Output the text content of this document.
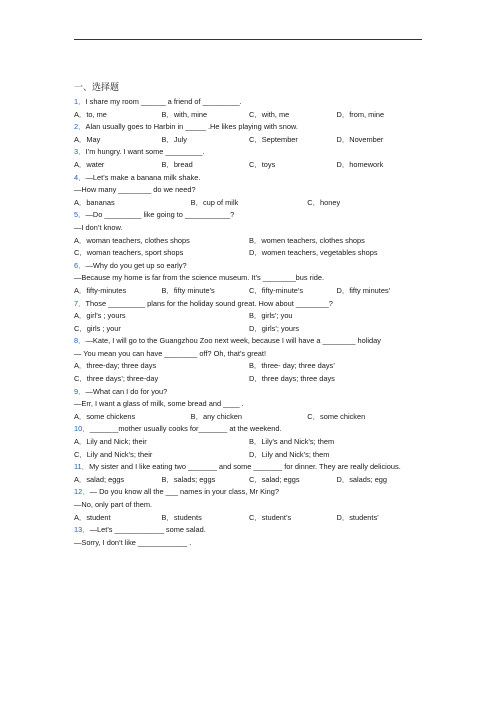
一、选择题
1．I share my room ______ a friend of _________.
A．to, me	B．with, mine	C．with, me	D．from, mine
2．Alan usually goes to Harbin in _____ .He likes playing with snow.
A．May	B．July	C．September	D．November
3．I’m hungry. I want some _________.
A．water	B．bread	C．toys	D．homework
4．—Let’s make a banana milk shake.
—How many ________ do we need?
A．bananas	B．cup of milk	C．honey
5．—Do _________ like going to ___________?
—I don’t know.
A．woman teachers, clothes shops	B．women teachers, clothes shops
C．woman teachers, sport shops	D．women teachers, vegetables shops
6．—Why do you get up so early?
—Because my home is far from the science museum. It’s ________bus ride.
A．fifty-minutes	B．fifty minute’s	C．fifty-minute’s	D．fifty minutes’
7．Those _________ plans for the holiday sound great. How about ________?
A．girl’s ; yours	B．girls’; you
C．girls ; your	D．girls’; yours
8．—Kate, I will go to the Guangzhou Zoo next week, because I will have a ________ holiday
— You mean you can have ________ off? Oh, that’s great!
A．three-day; three days	B．three- day; three days’
C．three days’; three-day	D．three days; three days
9．—What can I do for you?
—Err, I want a glass of milk, some bread and ____ .
A．some chickens	B．any chicken	C．some chicken
10．_______mother usually cooks for_______ at the weekend.
A．Lily and Nick; their	B．Lily’s and Nick’s; them
C．Lily and Nick’s; their	D．Lily and Nick’s; them
11．My sister and I like eating two _______ and some _______ for dinner. They are really delicious.
A．salad; eggs	B．salads; eggs	C．salad; eggs	D．salads; egg
12．— Do you know all the ___ names in your class, Mr King?
—No, only part of them.
A．student	B．students	C．student’s	D．students’
13．—Let’s ____________ some salad.
—Sorry, I don’t like ____________ .
